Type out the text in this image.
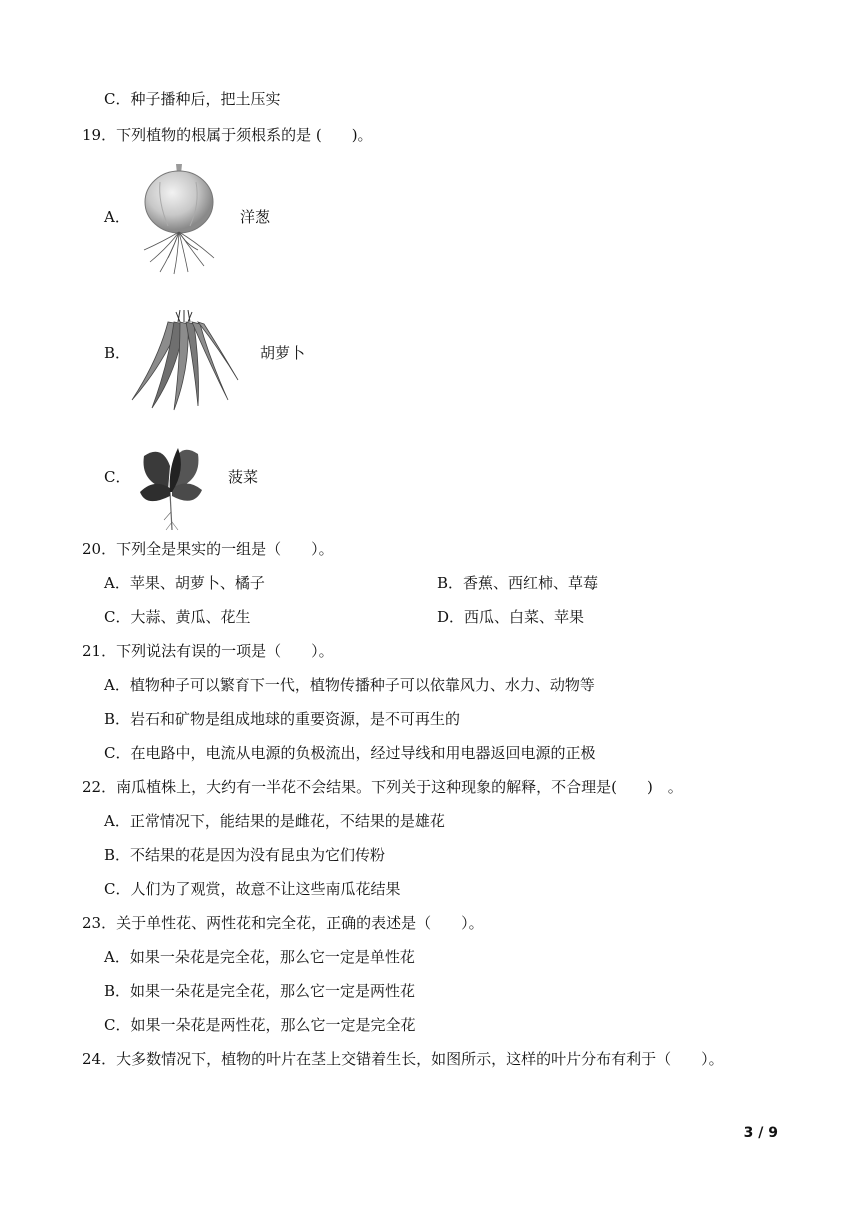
C．种子播种后，把土压实
19．下列植物的根属于须根系的是 (　　)。
A．	洋葱
B．	胡萝卜
C．	菠菜
20．下列全是果实的一组是（　　）。
A．苹果、胡萝卜、橘子	B．香蕉、西红柿、草莓
C．大蒜、黄瓜、花生	D．西瓜、白菜、苹果
21．下列说法有误的一项是（　　）。
A．植物种子可以繁育下一代，植物传播种子可以依靠风力、水力、动物等
B．岩石和矿物是组成地球的重要资源，是不可再生的
C．在电路中，电流从电源的负极流出，经过导线和用电器返回电源的正极
22．南瓜植株上，大约有一半花不会结果。下列关于这种现象的解释，不合理是(　　)　。
A．正常情况下，能结果的是雌花，不结果的是雄花
B．不结果的花是因为没有昆虫为它们传粉
C．人们为了观赏，故意不让这些南瓜花结果
23．关于单性花、两性花和完全花，正确的表述是（　　）。
A．如果一朵花是完全花，那么它一定是单性花
B．如果一朵花是完全花，那么它一定是两性花
C．如果一朵花是两性花，那么它一定是完全花
24．大多数情况下，植物的叶片在茎上交错着生长，如图所示，这样的叶片分布有利于（　　）。
3 / 9
